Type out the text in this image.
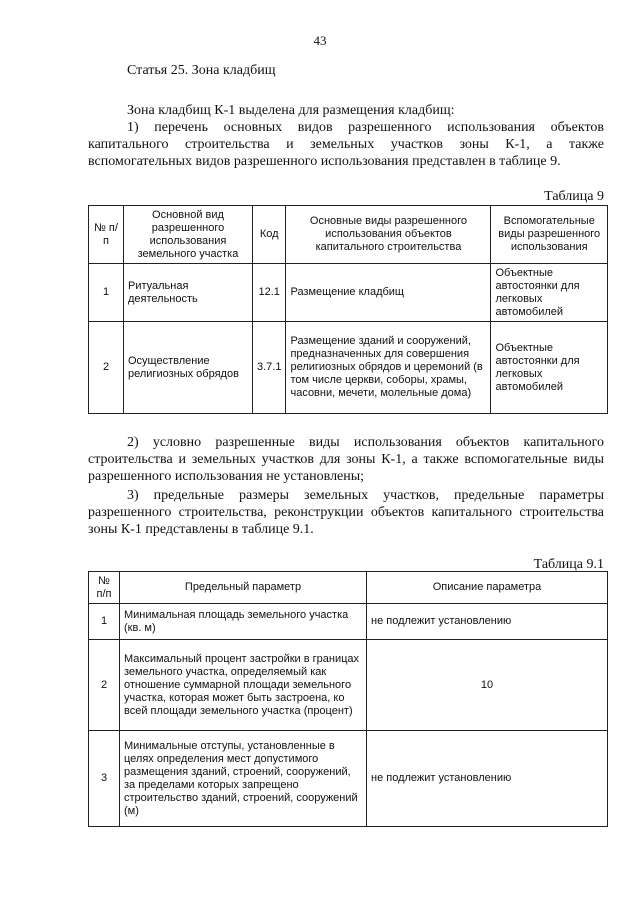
43
Статья 25. Зона кладбищ
Зона кладбищ К-1 выделена для размещения кладбищ:
1) перечень основных видов разрешенного использования объектов капитального строительства и земельных участков зоны К-1, а также вспомогательных видов разрешенного использования представлен в таблице 9.
Таблица 9
№ п/п	Основной вид разрешенного использования земельного участка	Код	Основные виды разрешенного использования объектов капитального строительства	Вспомогательные виды разрешенного использования
1	Ритуальная деятельность	12.1	Размещение кладбищ	Объектные автостоянки для легковых автомобилей
2	Осуществление религиозных обрядов	3.7.1	Размещение зданий и сооружений, предназначенных для совершения религиозных обрядов и церемоний (в том числе церкви, соборы, храмы, часовни, мечети, молельные дома)	Объектные автостоянки для легковых автомобилей
2) условно разрешенные виды использования объектов капитального строительства и земельных участков для зоны К-1, а также вспомогательные виды разрешенного использования не установлены;
3) предельные размеры земельных участков, предельные параметры разрешенного строительства, реконструкции объектов капитального строительства зоны К-1 представлены в таблице 9.1.
Таблица 9.1
№ п/п	Предельный параметр	Описание параметра
1	Минимальная площадь земельного участка (кв. м)	не подлежит установлению
2	Максимальный процент застройки в границах земельного участка, определяемый как отношение суммарной площади земельного участка, которая может быть застроена, ко всей площади земельного участка (процент)	10
3	Минимальные отступы, установленные в целях определения мест допустимого размещения зданий, строений, сооружений, за пределами которых запрещено строительство зданий, строений, сооружений (м)	не подлежит установлению
